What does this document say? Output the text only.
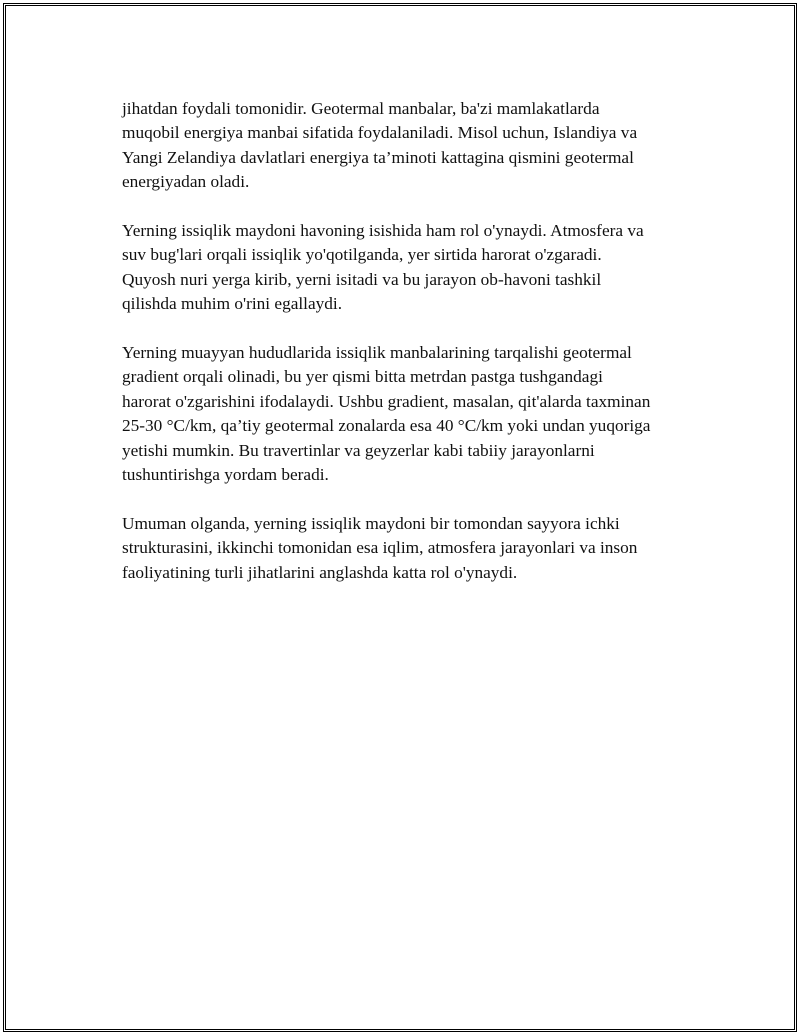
jihatdan foydali tomonidir. Geotermal manbalar, ba'zi mamlakatlarda
muqobil energiya manbai sifatida foydalaniladi. Misol uchun, Islandiya va
Yangi Zelandiya davlatlari energiya ta’minoti kattagina qismini geotermal
energiyadan oladi.

Yerning issiqlik maydoni havoning isishida ham rol o'ynaydi. Atmosfera va
suv bug'lari orqali issiqlik yo'qotilganda, yer sirtida harorat o'zgaradi.
Quyosh nuri yerga kirib, yerni isitadi va bu jarayon ob-havoni tashkil
qilishda muhim o'rini egallaydi.

Yerning muayyan hududlarida issiqlik manbalarining tarqalishi geotermal
gradient orqali olinadi, bu yer qismi bitta metrdan pastga tushgandagi
harorat o'zgarishini ifodalaydi. Ushbu gradient, masalan, qit'alarda taxminan
25-30 °C/km, qa’tiy geotermal zonalarda esa 40 °C/km yoki undan yuqoriga
yetishi mumkin. Bu travertinlar va geyzerlar kabi tabiiy jarayonlarni
tushuntirishga yordam beradi.

Umuman olganda, yerning issiqlik maydoni bir tomondan sayyora ichki
strukturasini, ikkinchi tomonidan esa iqlim, atmosfera jarayonlari va inson
faoliyatining turli jihatlarini anglashda katta rol o'ynaydi.
